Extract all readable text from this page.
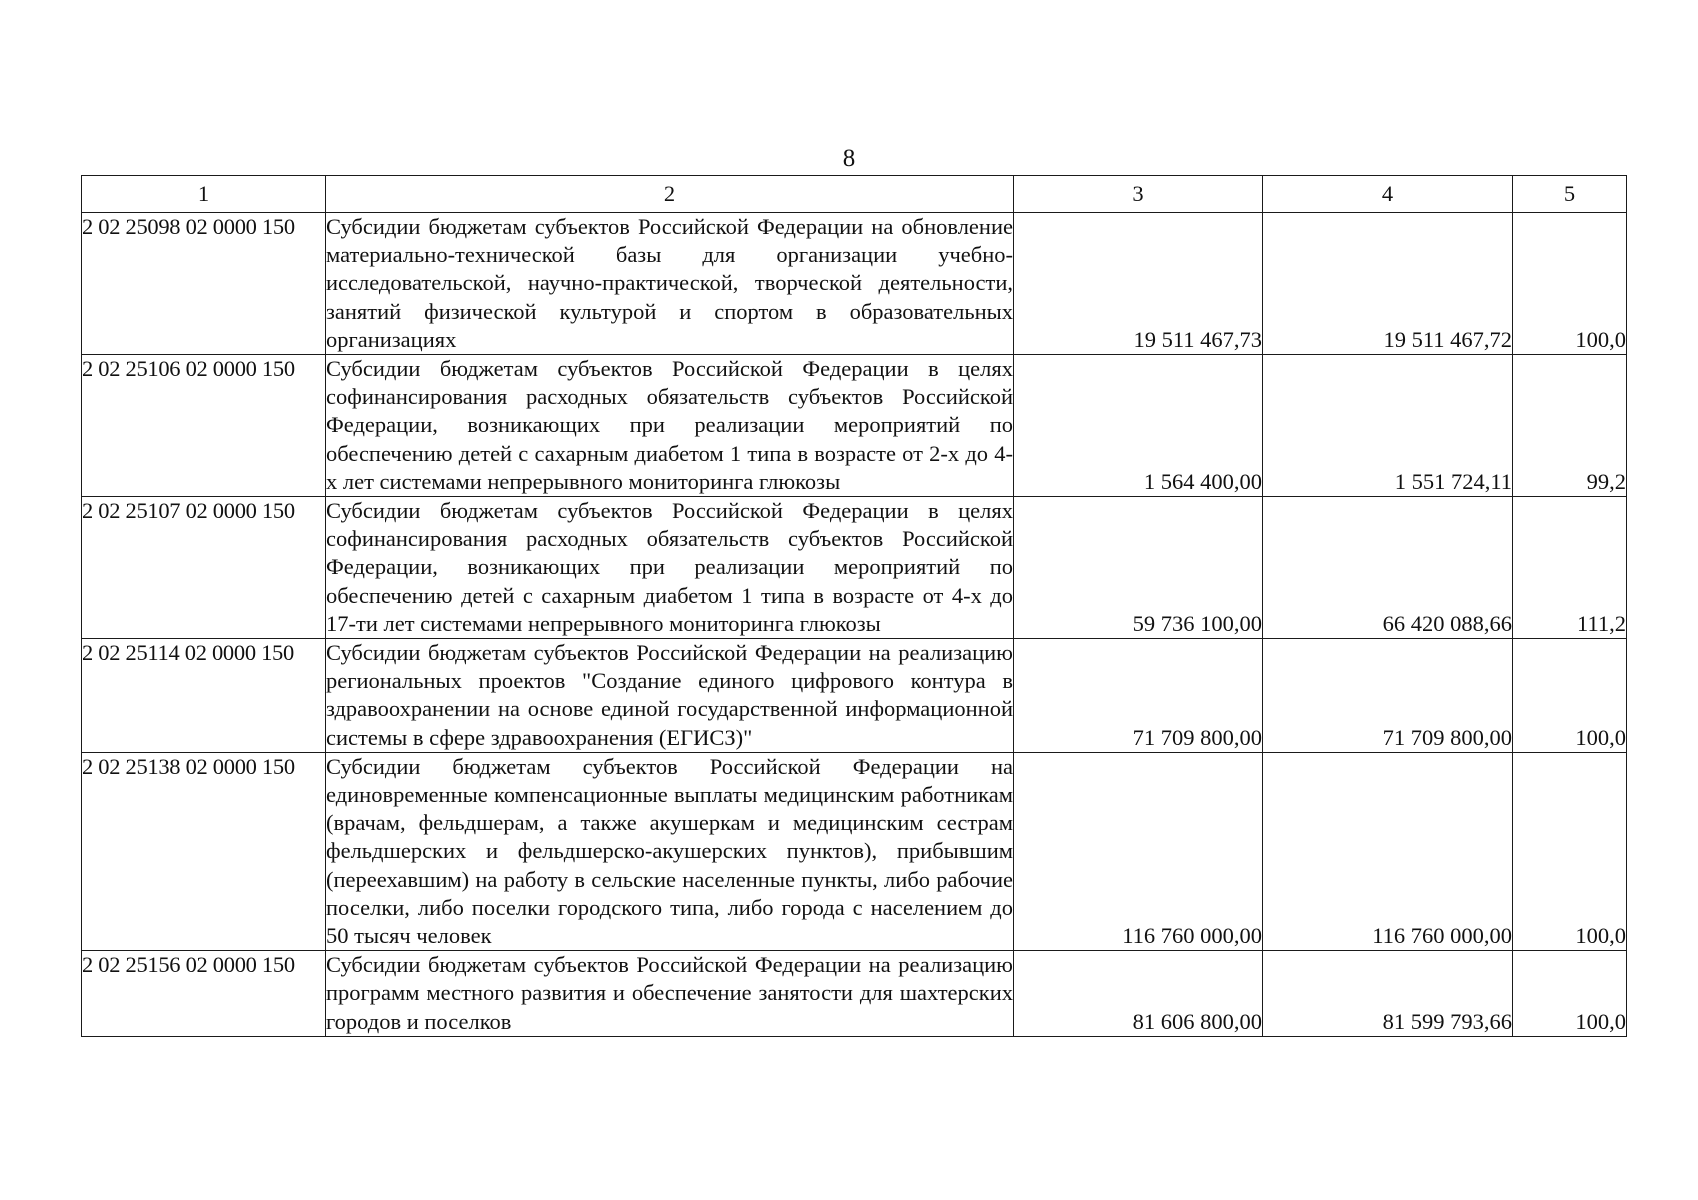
8
1	2	3	4	5
2 02 25098 02 0000 150	Субсидии бюджетам субъектов Российской Федерации на обновление материально-технической базы для организации учебно-исследовательской, научно-практической, творческой деятельности, занятий физической культурой и спортом в образовательных организациях	19 511 467,73	19 511 467,72	100,0
2 02 25106 02 0000 150	Субсидии бюджетам субъектов Российской Федерации в целях софинансирования расходных обязательств субъектов Российской Федерации, возникающих при реализации мероприятий по обеспечению детей с сахарным диабетом 1 типа в возрасте от 2-х до 4-х лет системами непрерывного мониторинга глюкозы	1 564 400,00	1 551 724,11	99,2
2 02 25107 02 0000 150	Субсидии бюджетам субъектов Российской Федерации в целях софинансирования расходных обязательств субъектов Российской Федерации, возникающих при реализации мероприятий по обеспечению детей с сахарным диабетом 1 типа в возрасте от 4-х до 17-ти лет системами непрерывного мониторинга глюкозы	59 736 100,00	66 420 088,66	111,2
2 02 25114 02 0000 150	Субсидии бюджетам субъектов Российской Федерации на реализацию региональных проектов "Создание единого цифрового контура в здравоохранении на основе единой государственной информационной системы в сфере здравоохранения (ЕГИСЗ)"	71 709 800,00	71 709 800,00	100,0
2 02 25138 02 0000 150	Субсидии бюджетам субъектов Российской Федерации на единовременные компенсационные выплаты медицинским работникам (врачам, фельдшерам, а также акушеркам и медицинским сестрам фельдшерских и фельдшерско-акушерских пунктов), прибывшим (переехавшим) на работу в сельские населенные пункты, либо рабочие поселки, либо поселки городского типа, либо города с населением до 50 тысяч человек	116 760 000,00	116 760 000,00	100,0
2 02 25156 02 0000 150	Субсидии бюджетам субъектов Российской Федерации на реализацию программ местного развития и обеспечение занятости для шахтерских городов и поселков	81 606 800,00	81 599 793,66	100,0
